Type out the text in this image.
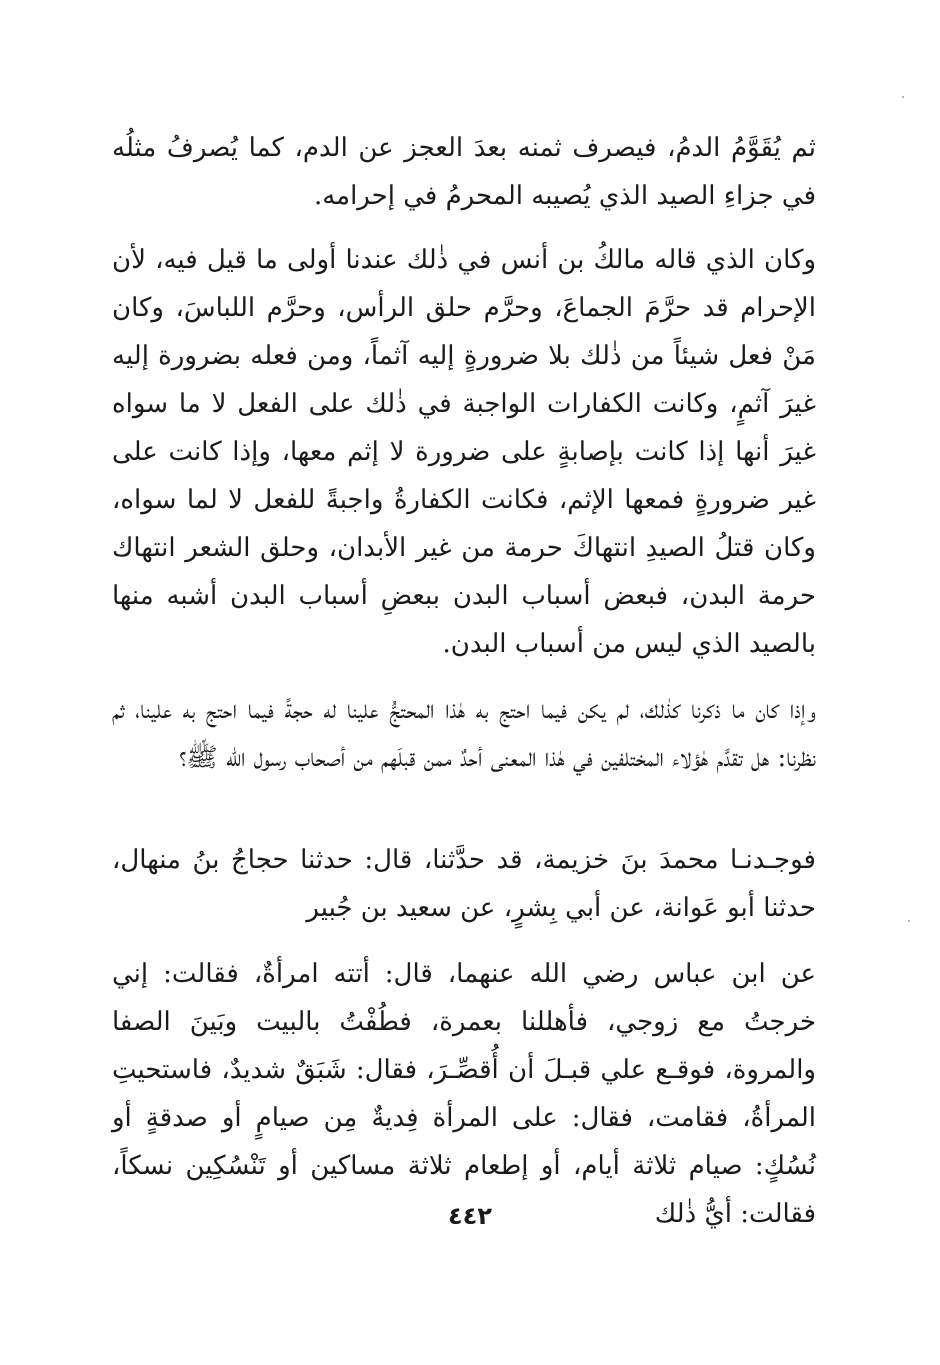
ثم يُقَوَّمُ الدمُ، فيصرف ثمنه بعدَ العجز عن الدم، كما يُصرفُ مثلُه في جزاءِ الصيد الذي يُصيبه المحرمُ في إحرامه.

وكان الذي قاله مالكُ بن أنس في ذٰلك عندنا أولى ما قيل فيه، لأن الإحرام قد حرَّمَ الجماعَ، وحرَّم حلق الرأس، وحرَّم اللباسَ، وكان مَنْ فعل شيئاً من ذٰلك بلا ضرورةٍ إليه آثماً، ومن فعله بضرورة إليه غيرَ آثمٍ، وكانت الكفارات الواجبة في ذٰلك على الفعل لا ما سواه غيرَ أنها إذا كانت بإصابةٍ على ضرورة لا إثم معها، وإذا كانت على غير ضرورةٍ فمعها الإثم، فكانت الكفارةُ واجبةً للفعل لا لما سواه، وكان قتلُ الصيدِ انتهاكَ حرمة من غير الأبدان، وحلق الشعر انتهاك حرمة البدن، فبعض أسباب البدن ببعضِ أسباب البدن أشبه منها بالصيد الذي ليس من أسباب البدن.

وإذا كان ما ذكرنا كذٰلك، لم يكن فيما احتج به هٰذا المحتجُّ علينا له حجةً فيما احتج به علينا، ثم نظرنا: هل تقدَّم هٰؤلاء المختلفين في هٰذا المعنى أحدٌ ممن قبلَهم من أصحاب رسول الله ﷺ؟

فوجـدنـا محمدَ بنَ خزيمة، قد حدَّثنا، قال: حدثنا حجاجُ بنُ منهال، حدثنا أبو عَوانة، عن أبي بِشرٍ، عن سعيد بن جُبير

عن ابن عباس رضي الله عنهما، قال: أتته امرأةٌ، فقالت: إني خرجتُ مع زوجي، فأهللنا بعمرة، فطُفْتُ بالبيت وبَينَ الصفا والمروة، فوقـع علي قبـلَ أن أُقصِّـرَ، فقال: شَبَقٌ شديدٌ، فاستحيتِ المرأةُ، فقامت، فقال: على المرأة فِديةٌ مِن صيامٍ أو صدقةٍ أو نُسُكٍ: صيام ثلاثة أيام، أو إطعام ثلاثة مساكين أو تَنْسُكِين نسكاً، فقالت: أيُّ ذٰلك

٤٤٢
